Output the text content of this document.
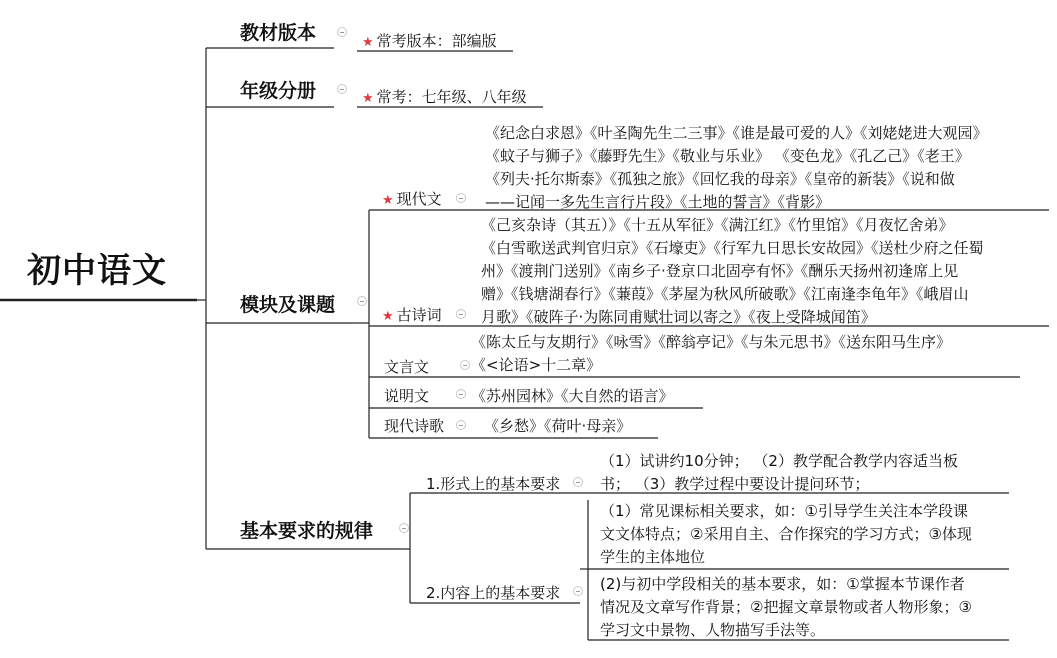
初中语文
教材版本	★ 常考版本：部编版
年级分册	★ 常考：七年级、八年级
模块及课题
基本要求的规律
★ 现代文
《纪念白求恩》《叶圣陶先生二三事》《谁是最可爱的人》《刘姥姥进大观园》
《蚊子与狮子》《藤野先生》《敬业与乐业》 《变色龙》《孔乙己》《老王》
《列夫·托尔斯泰》《孤独之旅》《回忆我的母亲》《皇帝的新装》《说和做
——记闻一多先生言行片段》《土地的誓言》《背影》
★ 古诗词
《己亥杂诗（其五）》《十五从军征》《满江红》《竹里馆》《月夜忆舍弟》
《白雪歌送武判官归京》《石壕吏》《行军九日思长安故园》《送杜少府之任蜀
州》《渡荆门送别》《南乡子·登京口北固亭有怀》《酬乐天扬州初逢席上见
赠》《钱塘湖春行》《蒹葭》《茅屋为秋风所破歌》《江南逢李龟年》《峨眉山
月歌》《破阵子·为陈同甫赋壮词以寄之》《夜上受降城闻笛》
文言文
《陈太丘与友期行》《咏雪》《醉翁亭记》《与朱元思书》《送东阳马生序》
《<论语>十二章》
说明文	《苏州园林》《大自然的语言》
现代诗歌	《乡愁》《荷叶·母亲》
1.形式上的基本要求
（1）试讲约10分钟； （2）教学配合教学内容适当板
书； （3）教学过程中要设计提问环节；
2.内容上的基本要求
（1）常见课标相关要求，如：①引导学生关注本学段课
文文体特点；②采用自主、合作探究的学习方式；③体现
学生的主体地位
(2)与初中学段相关的基本要求，如：①掌握本节课作者
情况及文章写作背景；②把握文章景物或者人物形象；③
学习文中景物、人物描写手法等。
